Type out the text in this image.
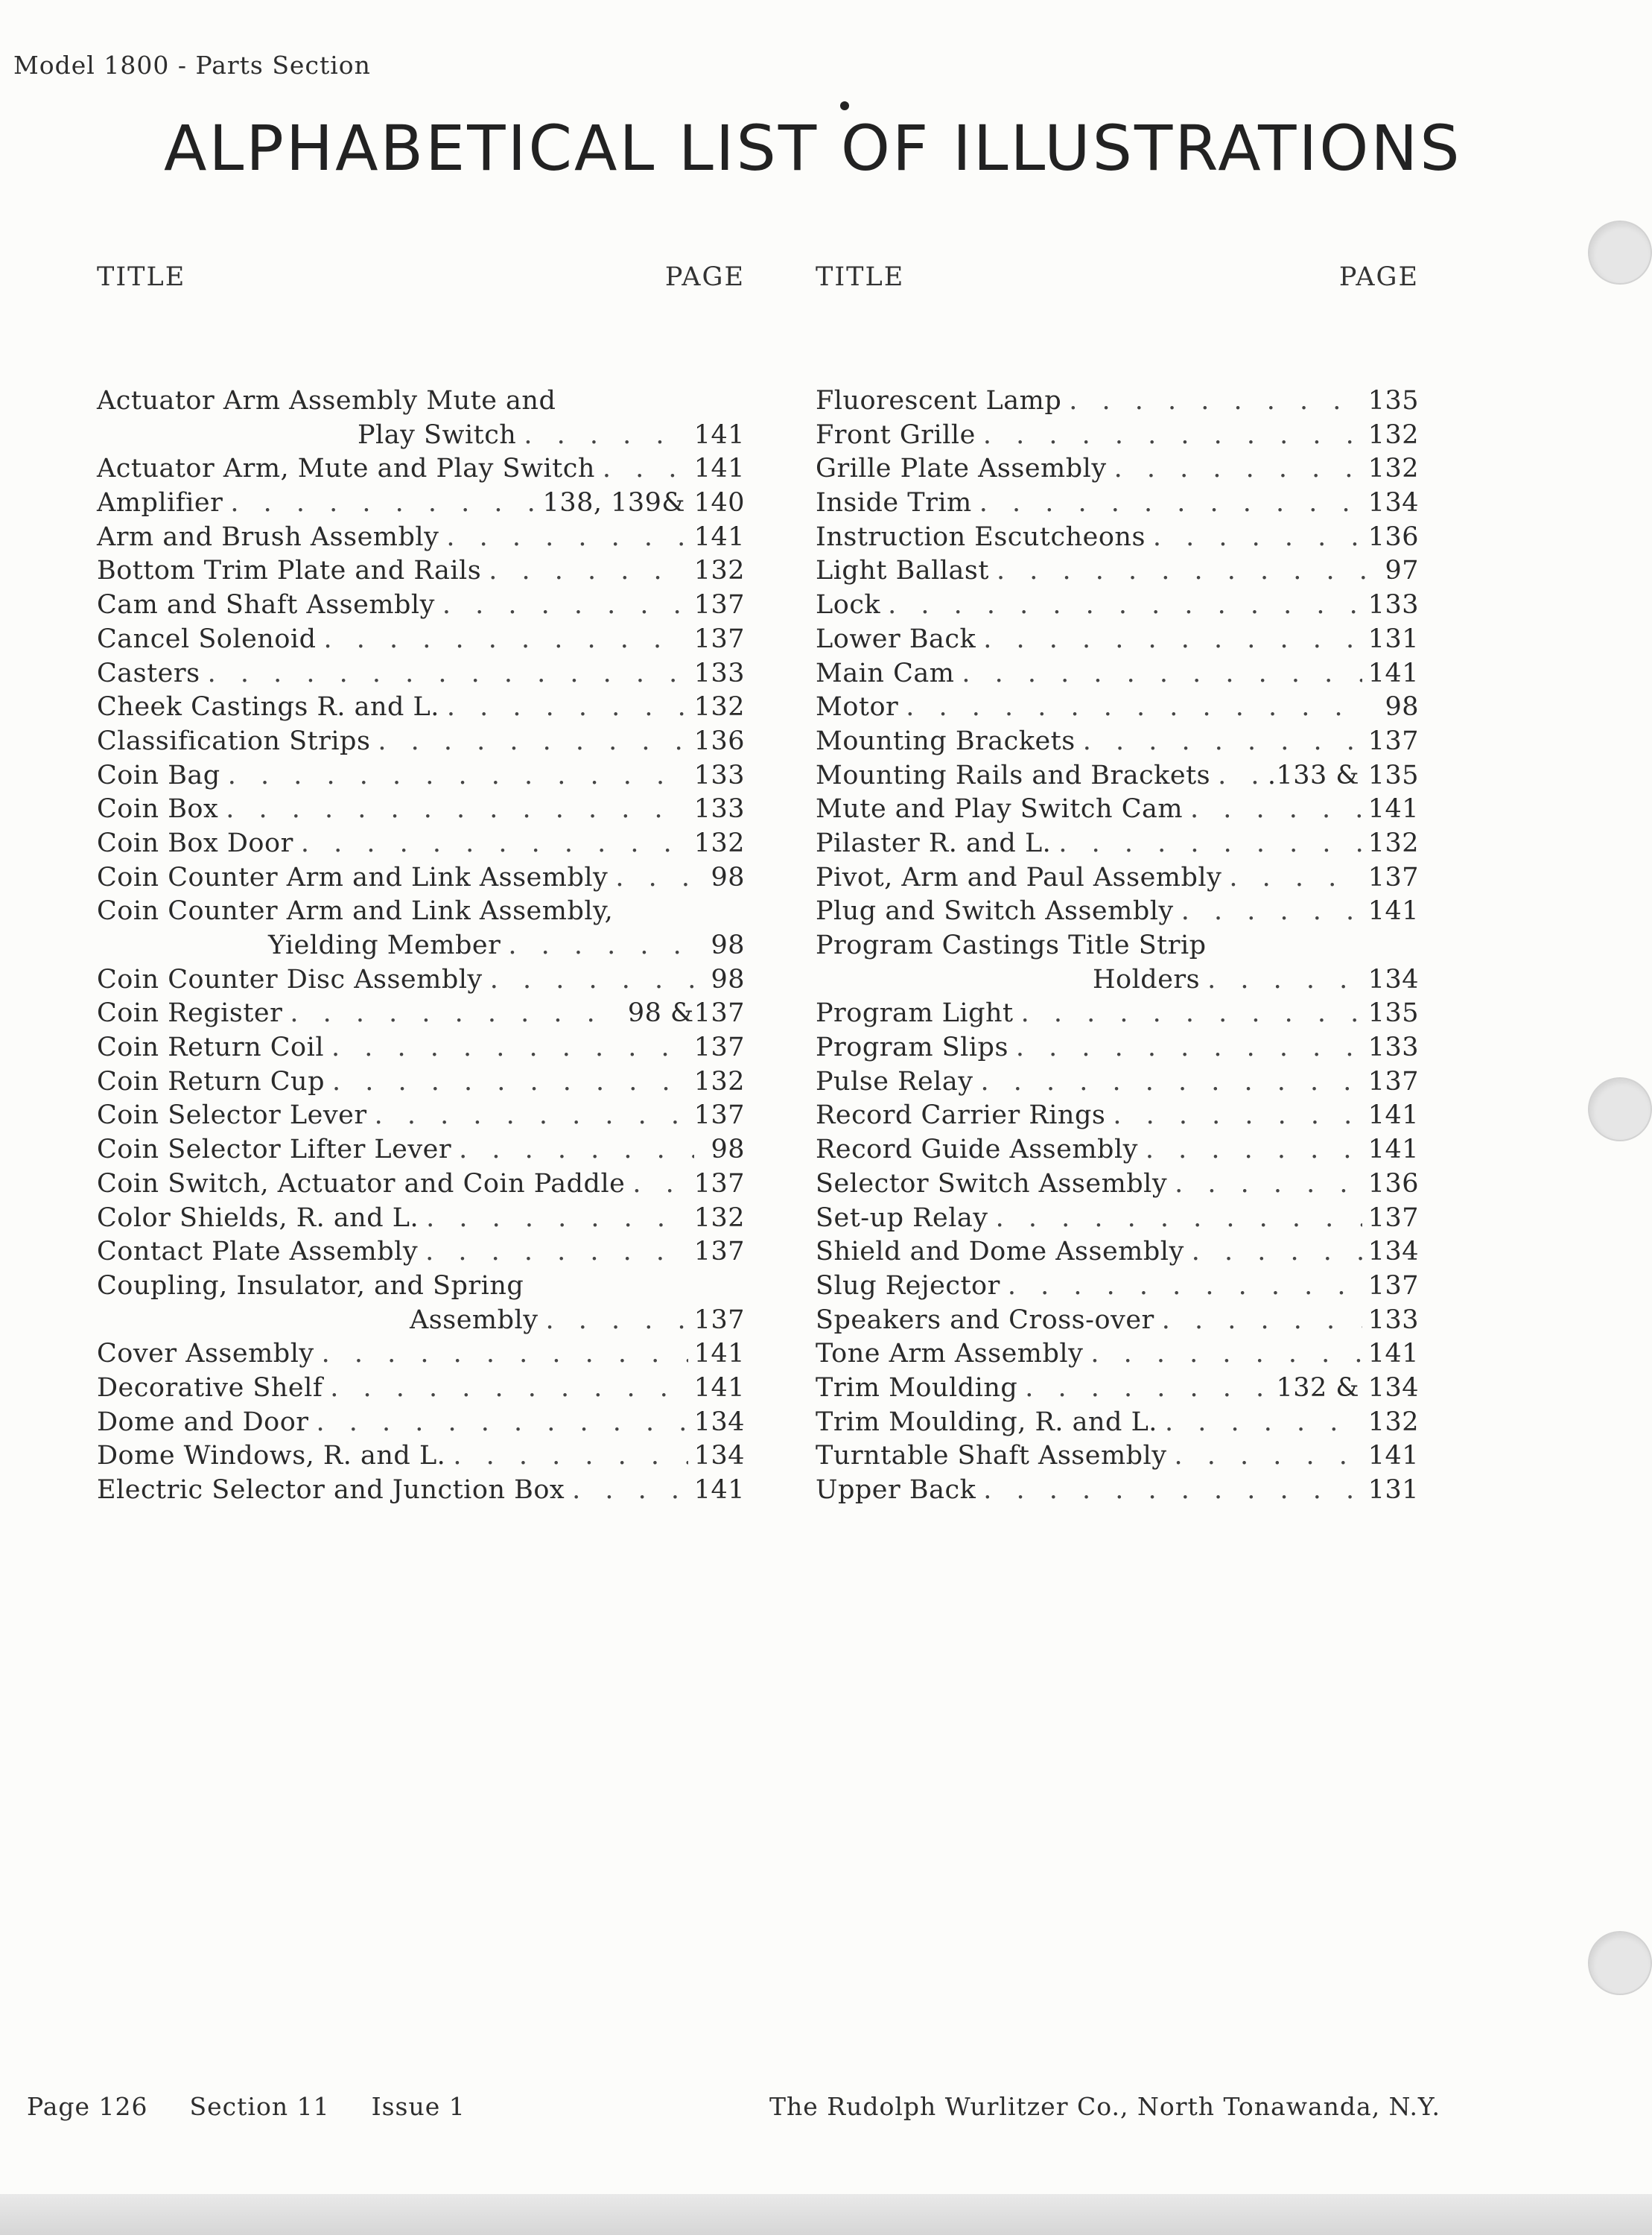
Model 1800 - Parts Section
ALPHABETICAL LIST OF ILLUSTRATIONS
TITLE	PAGE
Actuator Arm Assembly Mute and
Play Switch . . .	141
Actuator Arm, Mute and Play Switch . . .	141
Amplifier . . .	138, 139& 140
Arm and Brush Assembly . . .	141
Bottom Trim Plate and Rails . . .	132
Cam and Shaft Assembly . . .	137
Cancel Solenoid . . .	137
Casters . . .	133
Cheek Castings R. and L. . . .	132
Classification Strips . . .	136
Coin Bag . . .	133
Coin Box . . .	133
Coin Box Door . . .	132
Coin Counter Arm and Link Assembly . . .	98
Coin Counter Arm and Link Assembly,
Yielding Member . . .	98
Coin Counter Disc Assembly . . .	98
Coin Register . . .	98 &137
Coin Return Coil . . .	137
Coin Return Cup . . .	132
Coin Selector Lever . . .	137
Coin Selector Lifter Lever . . .	98
Coin Switch, Actuator and Coin Paddle . . .	137
Color Shields, R. and L. . . .	132
Contact Plate Assembly . . .	137
Coupling, Insulator, and Spring
Assembly . . .	137
Cover Assembly . . .	141
Decorative Shelf . . .	141
Dome and Door . . .	134
Dome Windows, R. and L. . . .	134
Electric Selector and Junction Box . . .	141
TITLE	PAGE
Fluorescent Lamp . . .	135
Front Grille . . .	132
Grille Plate Assembly . . .	132
Inside Trim . . .	134
Instruction Escutcheons . . .	136
Light Ballast . . .	97
Lock . . .	133
Lower Back . . .	131
Main Cam . . .	141
Motor . . .	98
Mounting Brackets . . .	137
Mounting Rails and Brackets . . . .133 & 135
Mute and Play Switch Cam . . .	141
Pilaster R. and L. . . .	132
Pivot, Arm and Paul Assembly . . .	137
Plug and Switch Assembly . . .	141
Program Castings Title Strip
Holders . . .	134
Program Light . . .	135
Program Slips . . .	133
Pulse Relay . . .	137
Record Carrier Rings . . .	141
Record Guide Assembly . . .	141
Selector Switch Assembly . . .	136
Set-up Relay . . .	137
Shield and Dome Assembly . . .	134
Slug Rejector . . .	137
Speakers and Cross-over . . .	133
Tone Arm Assembly . . .	141
Trim Moulding . . .	132 & 134
Trim Moulding, R. and L. . . .	132
Turntable Shaft Assembly . . .	141
Upper Back . . .	131
Page 126 Section 11 Issue 1	The Rudolph Wurlitzer Co., North Tonawanda, N.Y.
